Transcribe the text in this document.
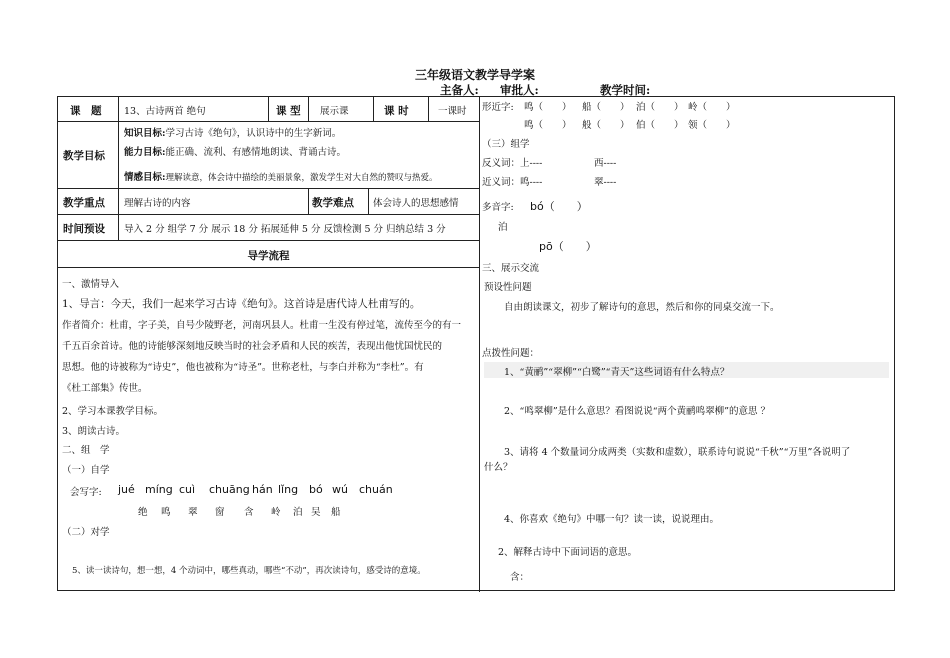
三年级语文教学导学案
主备人: 审批人:	教学时间:
课　题 13、古诗两首 绝句	课 型 展示课	课 时	一课时
教学目标
知识目标:学习古诗《绝句》，认识诗中的生字新词。
能力目标:能正确、流利、有感情地朗读、背诵古诗。
情感目标:理解读意，体会诗中描绘的美丽景象，激发学生对大自然的赞叹与热爱。
教学重点 理解古诗的内容	教学难点 体会诗人的思想感情
时间预设 导入 2 分 组学 7 分 展示 18 分 拓展延伸 5 分 反馈检测 5 分 归纳总结 3 分
导学流程
一、激情导入
1、导言：今天，我们一起来学习古诗《绝句》。这首诗是唐代诗人杜甫写的。
作者简介：杜甫，字子美，自号少陵野老，河南巩县人。杜甫一生没有停过笔，流传至今的有一
千五百余首诗。他的诗能够深刻地反映当时的社会矛盾和人民的疾苦，表现出他忧国忧民的
思想。他的诗被称为“诗史”，他也被称为“诗圣”。世称老杜，与李白并称为“李杜”。有
《杜工部集》传世。
2、学习本课教学目标。
3、朗读古诗。
二、组　学
（一）自学
会写字: jué míng cuì chuāng hán lǐng bó wú chuán
绝 鸣 翠 窗 含 岭 泊 吴 船
（二）对学
5、读一读诗句，想一想，4 个动词中，哪些真动，哪些“不动”，再次读诗句，感受诗的意境。
形近字: 鸣（　　） 船（　　） 泊（　　） 岭（　　）
鸣（　　） 般（　　） 伯（　　） 领（　　）
（三）组学
反义词：上----	西----
近义词：鸣----	翠----
多音字: bó（　　）
泊
pō（　　）
三、展示交流
预设性问题
自由朗读课文，初步了解诗句的意思，然后和你的同桌交流一下。
点拨性问题：
1、“黄鹂”“翠柳”“白鹭”“青天”这些词语有什么特点？
2、“鸣翠柳”是什么意思？看图说说“两个黄鹂鸣翠柳”的意思 ？
3、请将 4 个数量词分成两类（实数和虚数），联系诗句说说“千秋”“万里”各说明了
什么？
4、你喜欢《绝句》中哪一句？读一读，说说理由。
2、解释古诗中下面词语的意思。
含：
